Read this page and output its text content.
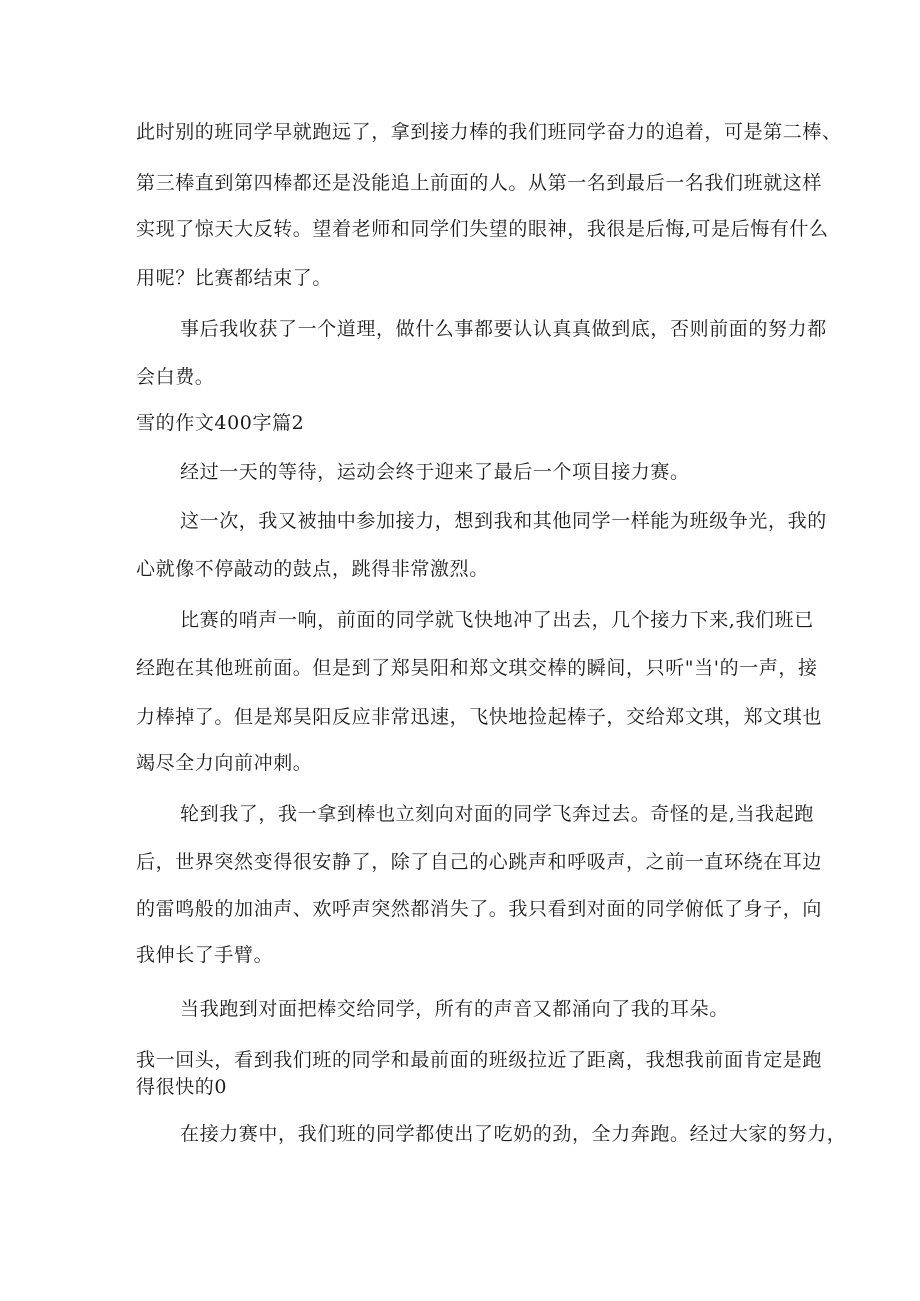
此时别的班同学早就跑远了，拿到接力棒的我们班同学奋力的追着，可是第二棒、

第三棒直到第四棒都还是没能追上前面的人。从第一名到最后一名我们班就这样

实现了惊天大反转。望着老师和同学们失望的眼神，我很是后悔,可是后悔有什么

用呢？比赛都结束了。

事后我收获了一个道理，做什么事都要认认真真做到底，否则前面的努力都

会白费。

雪的作文400字篇2

经过一天的等待，运动会终于迎来了最后一个项目接力赛。

这一次，我又被抽中参加接力，想到我和其他同学一样能为班级争光，我的

心就像不停敲动的鼓点，跳得非常激烈。

比赛的哨声一响，前面的同学就飞快地冲了出去，几个接力下来,我们班已

经跑在其他班前面。但是到了郑昊阳和郑文琪交棒的瞬间，只听"当'的一声，接

力棒掉了。但是郑昊阳反应非常迅速，飞快地捡起棒子，交给郑文琪，郑文琪也

竭尽全力向前冲刺。

轮到我了，我一拿到棒也立刻向对面的同学飞奔过去。奇怪的是,当我起跑

后，世界突然变得很安静了，除了自己的心跳声和呼吸声，之前一直环绕在耳边

的雷鸣般的加油声、欢呼声突然都消失了。我只看到对面的同学俯低了身子，向

我伸长了手臂。

当我跑到对面把棒交给同学，所有的声音又都涌向了我的耳朵。

我一回头，看到我们班的同学和最前面的班级拉近了距离，我想我前面肯定是跑

得很快的0

在接力赛中，我们班的同学都使出了吃奶的劲，全力奔跑。经过大家的努力，
